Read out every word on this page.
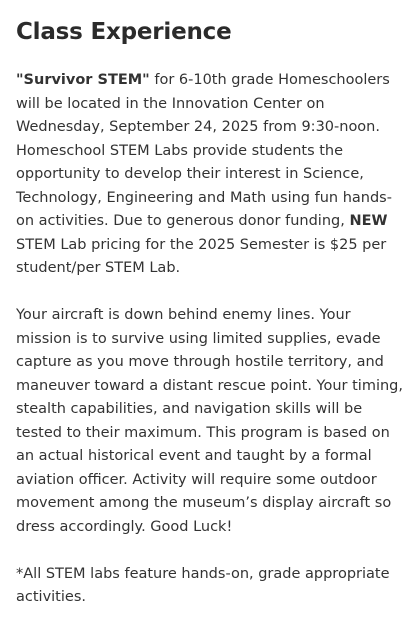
Class Experience

"Survivor STEM" for 6-10th grade Homeschoolers will be located in the Innovation Center on Wednesday, September 24, 2025 from 9:30-noon. Homeschool STEM Labs provide students the opportunity to develop their interest in Science, Technology, Engineering and Math using fun hands-on activities. Due to generous donor funding, NEW STEM Lab pricing for the 2025 Semester is $25 per student/per STEM Lab.

Your aircraft is down behind enemy lines. Your mission is to survive using limited supplies, evade capture as you move through hostile territory, and maneuver toward a distant rescue point. Your timing, stealth capabilities, and navigation skills will be tested to their maximum. This program is based on an actual historical event and taught by a formal aviation officer. Activity will require some outdoor movement among the museum’s display aircraft so dress accordingly. Good Luck!

*All STEM labs feature hands-on, grade appropriate activities.
